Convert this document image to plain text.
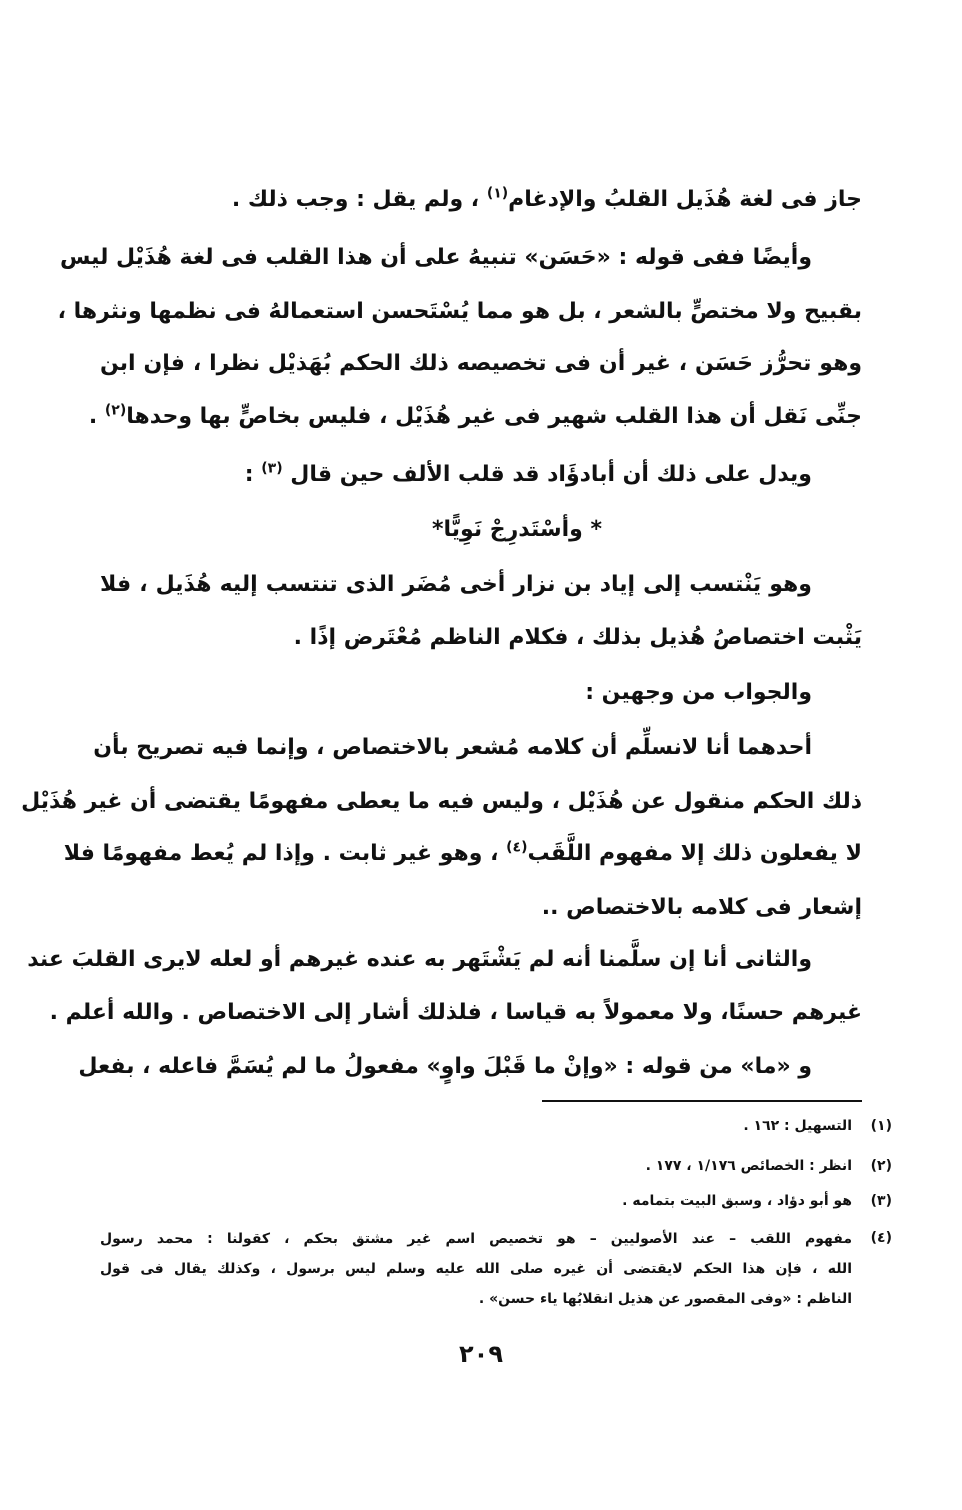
جاز فى لغة هُذَيل القلبُ والإدغام$^{(١)}$ ، ولم يقل : وجب ذلك .
وأيضًا ففى قوله : «حَسَن» تنبيهُ على أن هذا القلب فى لغة هُذَيْل ليس
بقبيح ولا مختصٍّ بالشعر ، بل هو مما يُسْتَحسن استعمالهُ فى نظمها ونثرها ،
وهو تحرُّز حَسَن ، غير أن فى تخصيصه ذلك الحكم بُهَذيْل نظرا ، فإن ابن
جنِّى نَقل أن هذا القلب شهير فى غير هُذَيْل ، فليس بخاصٍّ بها وحدها$^{(٢)}$ .
ويدل على ذلك أن أبادؤَاد قد قلب الألف حين قال $^{(٣)}$ :
* وأسْتَدرِجْ نَوِيًّا*
وهو يَنْتسب إلى إياد بن نزار أخى مُضَر الذى تنتسب إليه هُذَيل ، فلا
يَثْبت اختصاصُ هُذيل بذلك ، فكلام الناظم مُعْتَرض إذًا .
والجواب من وجهين :
أحدهما أنا لانسلِّم أن كلامه مُشعر بالاختصاص ، وإنما فيه تصريح بأن
ذلك الحكم منقول عن هُذَيْل ، وليس فيه ما يعطى مفهومًا يقتضى أن غير هُذَيْل
لا يفعلون ذلك إلا مفهوم اللَّقَب$^{(٤)}$ ، وهو غير ثابت . وإذا لم يُعط مفهومًا فلا
إشعار فى كلامه بالاختصاص ..
والثانى أنا إن سلَّمنا أنه لم يَشْتَهر به عنده غيرهم أو لعله لايرى القلبَ عند
غيرهم حسنًا، ولا معمولاً به قياسا ، فلذلك أشار إلى الاختصاص . والله أعلم .
و «ما» من قوله : «وإنْ ما قَبْلَ واوٍ» مفعولُ ما لم يُسَمَّ فاعله ، بفعل
(١)
التسهيل : ١٦٢ .
(٢)
انظر : الخصائص ١/١٧٦ ، ١٧٧ .
(٣)
هو أبو دؤاد ، وسبق البيت بتمامه .
(٤)
مفهوم اللقب – عند الأصوليين – هو تخصيص اسم غير مشتق بحكم ، كقولنا : محمد رسول
الله ، فإن هذا الحكم لايقتضى أن غيره صلى الله عليه وسلم ليس برسول ، وكذلك يقال فى قول
الناظم : «وفى المقصور عن هذيل انقلابُها ياء حسن» .
٢٠٩
